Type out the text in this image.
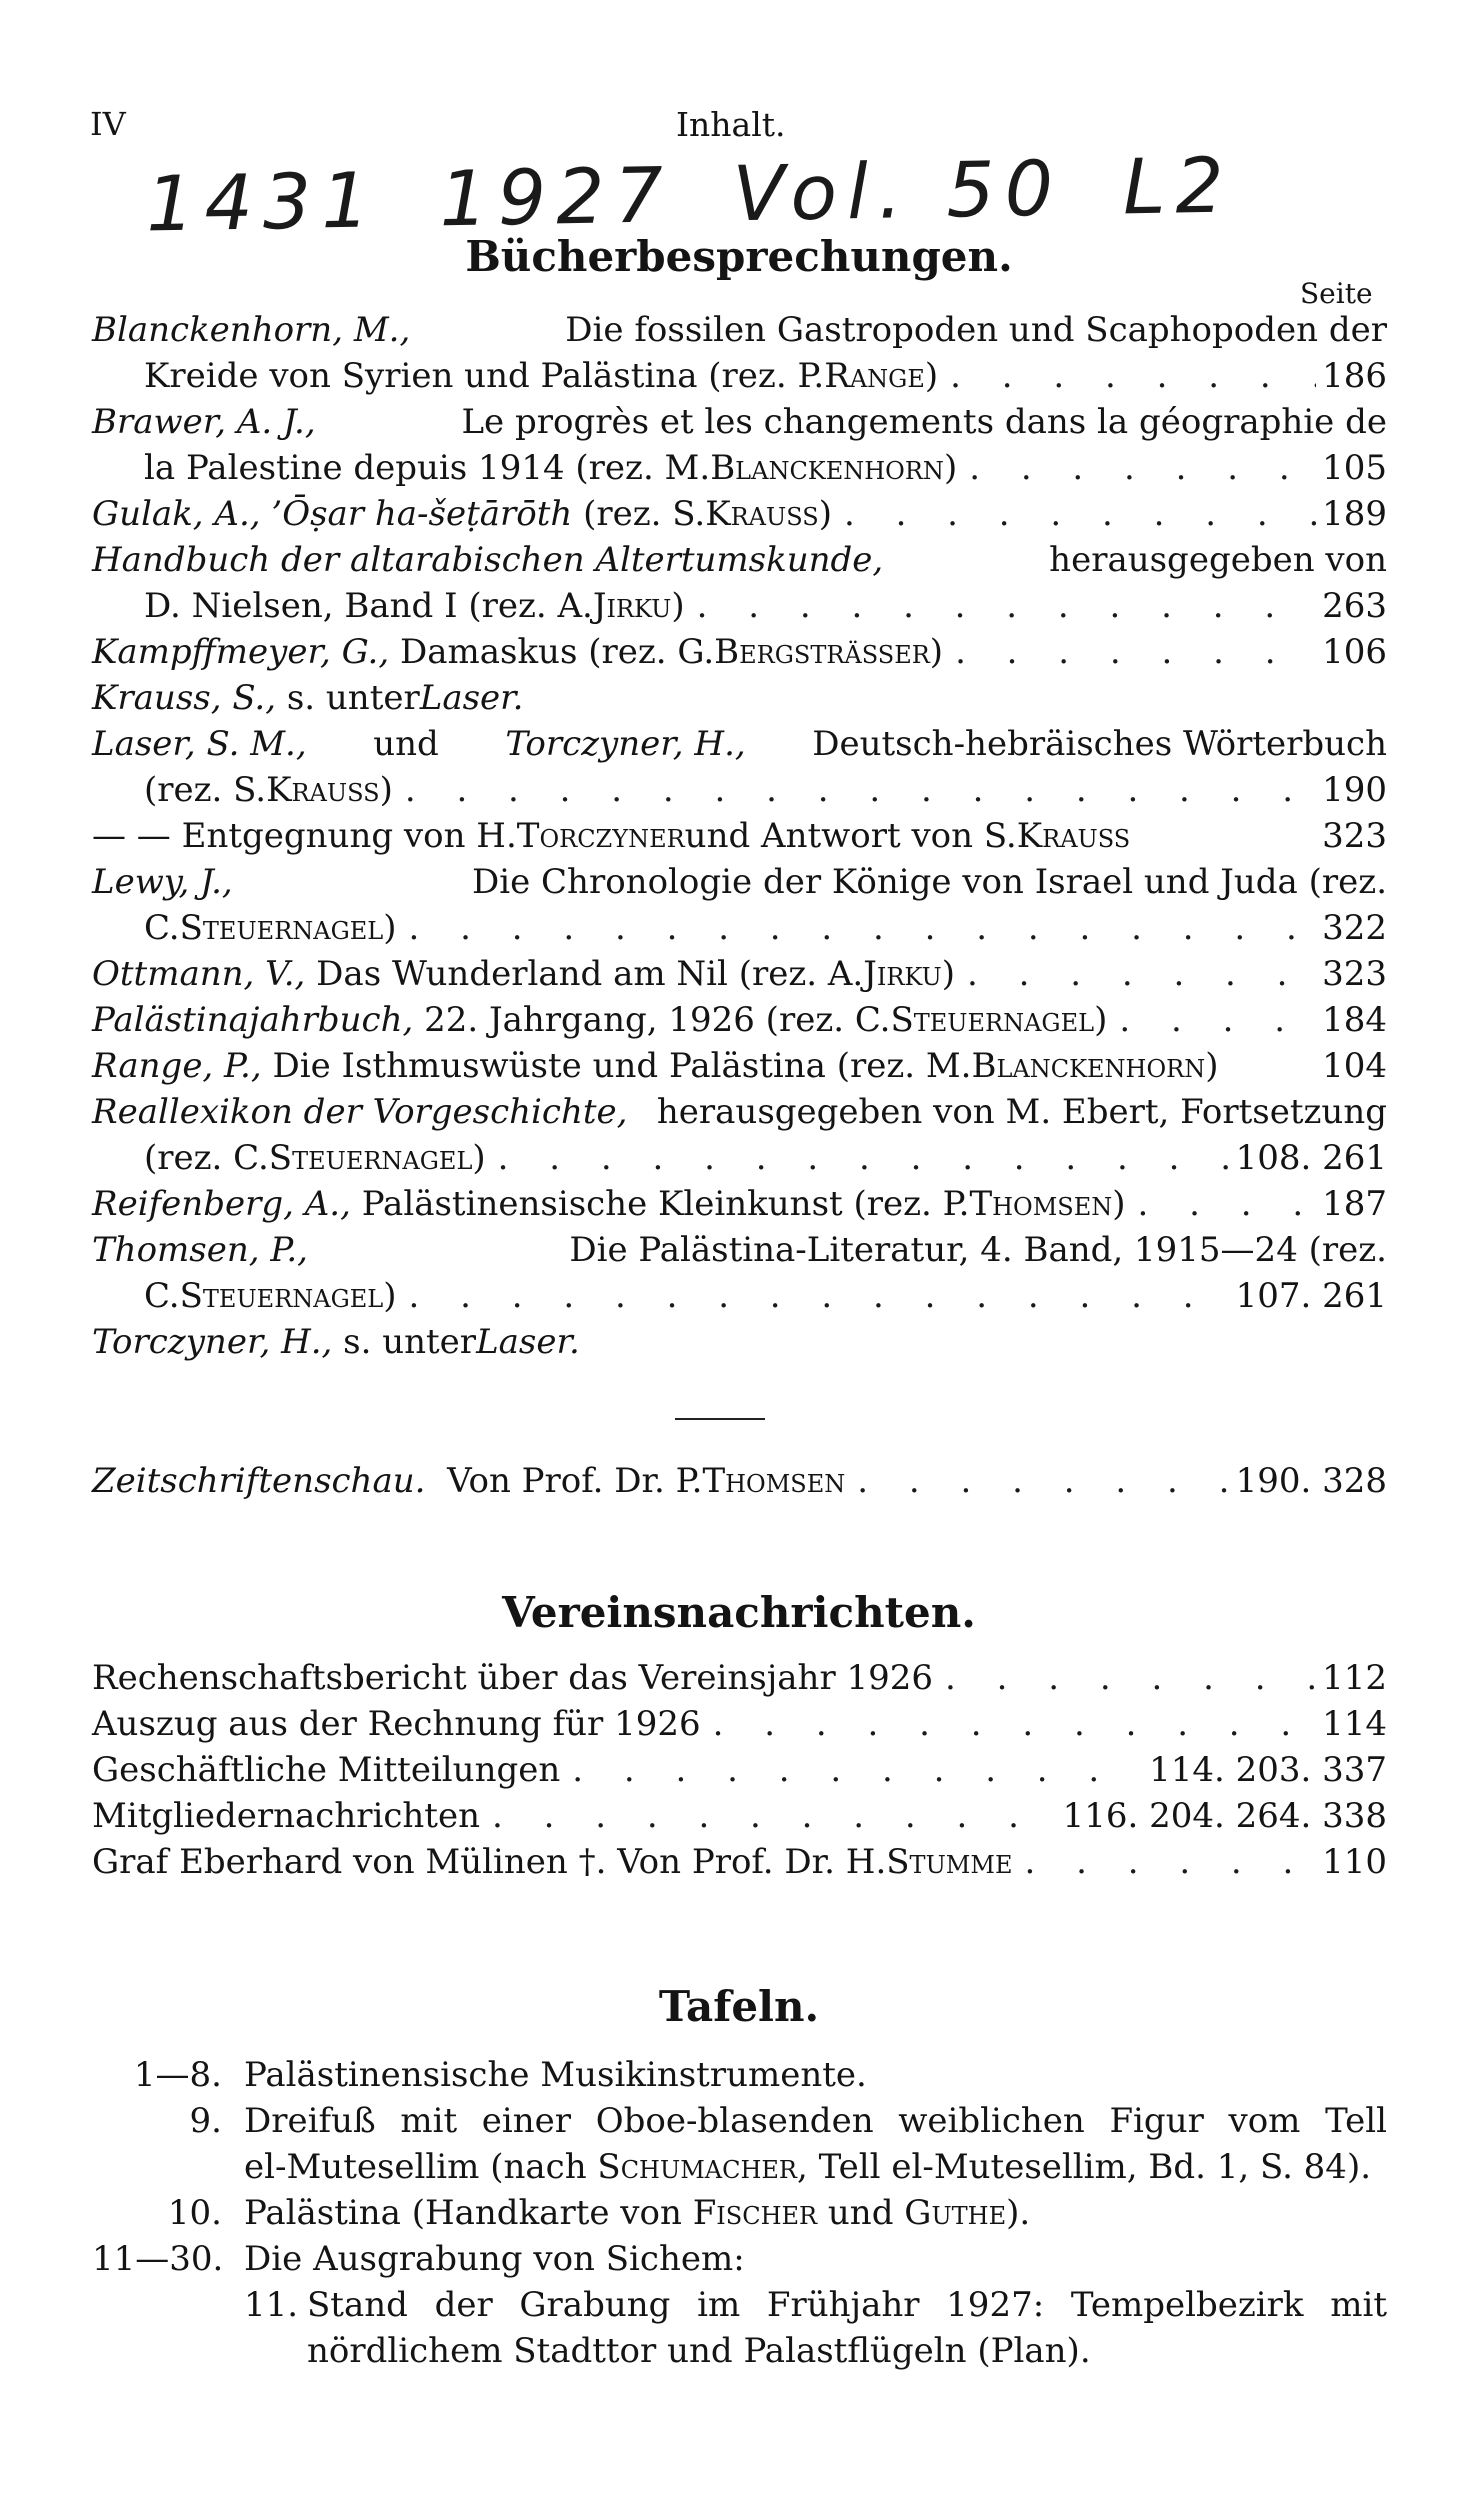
IV	Inhalt.
1431 1927 Vol. 50 L2
Bücherbesprechungen.
Seite
Blanckenhorn, M.,	Die fossilen Gastropoden und Scaphopoden der
Kreide von Syrien und Palästina (rez. P. Range ) . . .	186
Brawer, A. J.,	Le progrès et les changements dans la géographie de
la Palestine depuis 1914 (rez. M. Blanckenhorn ) . . .	105
Gulak, A., ’Ōṣar ha-šeṭārōth
(rez. S. Krauss ) . . .	189
Handbuch der altarabischen Altertumskunde,	herausgegeben von
D. Nielsen, Band I (rez. A. Jirku ) . . .	263
Kampffmeyer, G.,
Damaskus (rez. G. Bergsträsser ) . . .	106
Krauss, S.,
s. unter Laser.
Laser, S. M., und Torczyner, H., Deutsch-hebräisches Wörterbuch
(rez. S. Krauss ) . . .	190
— —
Entgegnung von H. Torczyner und Antwort von S. Krauss	323
Lewy, J.,	Die Chronologie der Könige von Israel und Juda (rez.
C. Steuernagel ) . . .	322
Ottmann, V.,
Das Wunderland am Nil (rez. A. Jirku ) . . .	323
Palästinajahrbuch,
22. Jahrgang, 1926 (rez. C. Steuernagel ) . . .	184
Range, P.,
Die Isthmuswüste und Palästina (rez. M. Blanckenhorn )	104
Reallexikon der Vorgeschichte, herausgegeben von M. Ebert, Fortsetzung
(rez. C. Steuernagel ) . . .	108. 261
Reifenberg, A.,
Palästinensische Kleinkunst (rez. P. Thomsen ) . . .	187
Thomsen, P.,	Die Palästina-Literatur, 4. Band, 1915—24 (rez.
C. Steuernagel ) . . .	107. 261
Torczyner, H.,
s. unter Laser.
Zeitschriftenschau.
Von Prof. Dr. P. Thomsen . . .	190. 328
Vereinsnachrichten.
Rechenschaftsbericht über das Vereinsjahr 1926 . . .	112
Auszug aus der Rechnung für 1926 . . .	114
Geschäftliche Mitteilungen . . .	114. 203. 337
Mitgliedernachrichten . . .	116. 204. 264. 338
Graf Eberhard von Mülinen †. Von Prof. Dr. H. Stumme . . .	110
Tafeln.
1—8. Palästinensische Musikinstrumente.
9. Dreifuß mit einer Oboe-blasenden weiblichen Figur vom Tell
el-Mutesellim (nach Schumacher, Tell el-Mutesellim, Bd. 1, S. 84).
10. Palästina (Handkarte von Fischer und Guthe).
11—30. Die Ausgrabung von Sichem:
11. Stand der Grabung im Frühjahr 1927: Tempelbezirk mit
nördlichem Stadttor und Palastflügeln (Plan).
